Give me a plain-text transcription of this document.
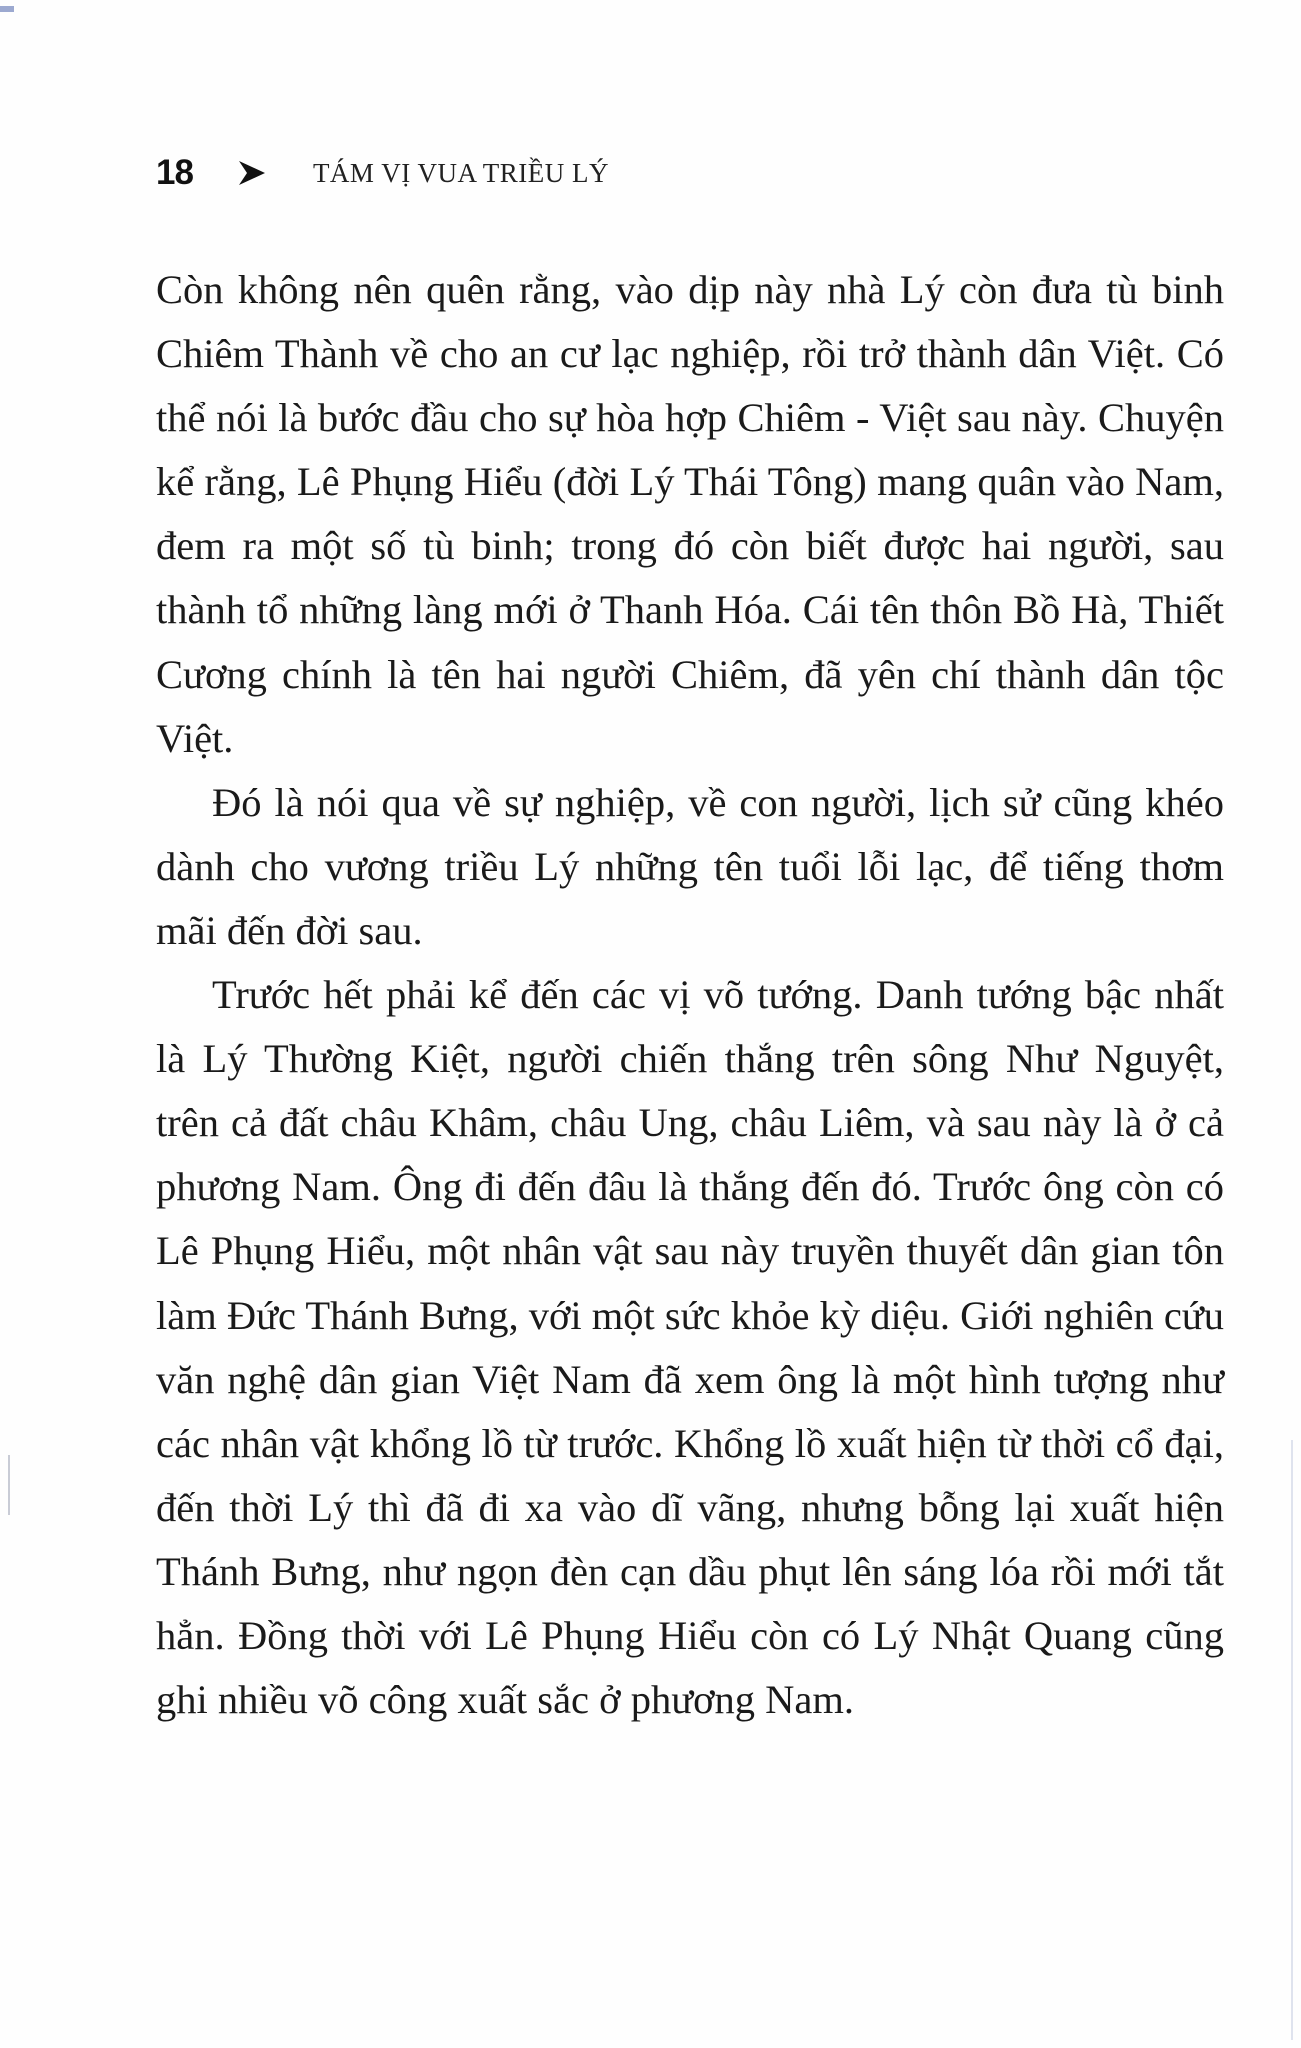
18	TÁM VỊ VUA TRIỀU LÝ

Còn không nên quên rằng, vào dịp này nhà Lý còn đưa tù binh Chiêm Thành về cho an cư lạc nghiệp, rồi trở thành dân Việt. Có thể nói là bước đầu cho sự hòa hợp Chiêm - Việt sau này. Chuyện kể rằng, Lê Phụng Hiểu (đời Lý Thái Tông) mang quân vào Nam, đem ra một số tù binh; trong đó còn biết được hai người, sau thành tổ những làng mới ở Thanh Hóa. Cái tên thôn Bồ Hà, Thiết Cương chính là tên hai người Chiêm, đã yên chí thành dân tộc Việt.

Đó là nói qua về sự nghiệp, về con người, lịch sử cũng khéo dành cho vương triều Lý những tên tuổi lỗi lạc, để tiếng thơm mãi đến đời sau.

Trước hết phải kể đến các vị võ tướng. Danh tướng bậc nhất là Lý Thường Kiệt, người chiến thắng trên sông Như Nguyệt, trên cả đất châu Khâm, châu Ung, châu Liêm, và sau này là ở cả phương Nam. Ông đi đến đâu là thắng đến đó. Trước ông còn có Lê Phụng Hiểu, một nhân vật sau này truyền thuyết dân gian tôn làm Đức Thánh Bưng, với một sức khỏe kỳ diệu. Giới nghiên cứu văn nghệ dân gian Việt Nam đã xem ông là một hình tượng như các nhân vật khổng lồ từ trước. Khổng lồ xuất hiện từ thời cổ đại, đến thời Lý thì đã đi xa vào dĩ vãng, nhưng bỗng lại xuất hiện Thánh Bưng, như ngọn đèn cạn dầu phụt lên sáng lóa rồi mới tắt hẳn. Đồng thời với Lê Phụng Hiểu còn có Lý Nhật Quang cũng ghi nhiều võ công xuất sắc ở phương Nam.
